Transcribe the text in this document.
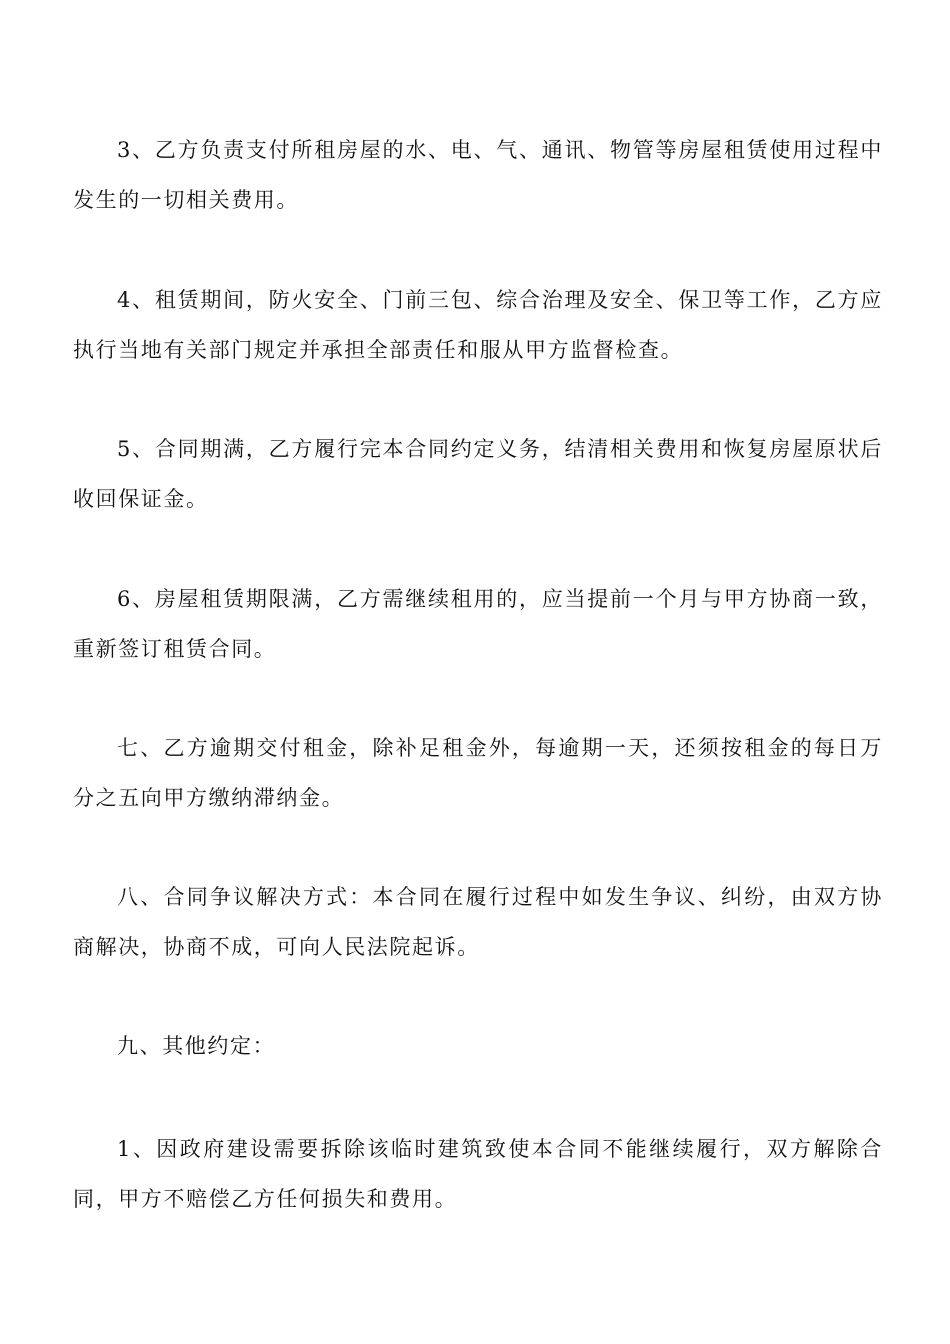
3、乙方负责支付所租房屋的水、电、气、通讯、物管等房屋租赁使用过程中发生的一切相关费用。

4、租赁期间，防火安全、门前三包、综合治理及安全、保卫等工作，乙方应执行当地有关部门规定并承担全部责任和服从甲方监督检查。

5、合同期满，乙方履行完本合同约定义务，结清相关费用和恢复房屋原状后收回保证金。

6、房屋租赁期限满，乙方需继续租用的，应当提前一个月与甲方协商一致，重新签订租赁合同。

七、乙方逾期交付租金，除补足租金外，每逾期一天，还须按租金的每日万分之五向甲方缴纳滞纳金。

八、合同争议解决方式：本合同在履行过程中如发生争议、纠纷，由双方协商解决，协商不成，可向人民法院起诉。

九、其他约定：

1、因政府建设需要拆除该临时建筑致使本合同不能继续履行，双方解除合同，甲方不赔偿乙方任何损失和费用。
